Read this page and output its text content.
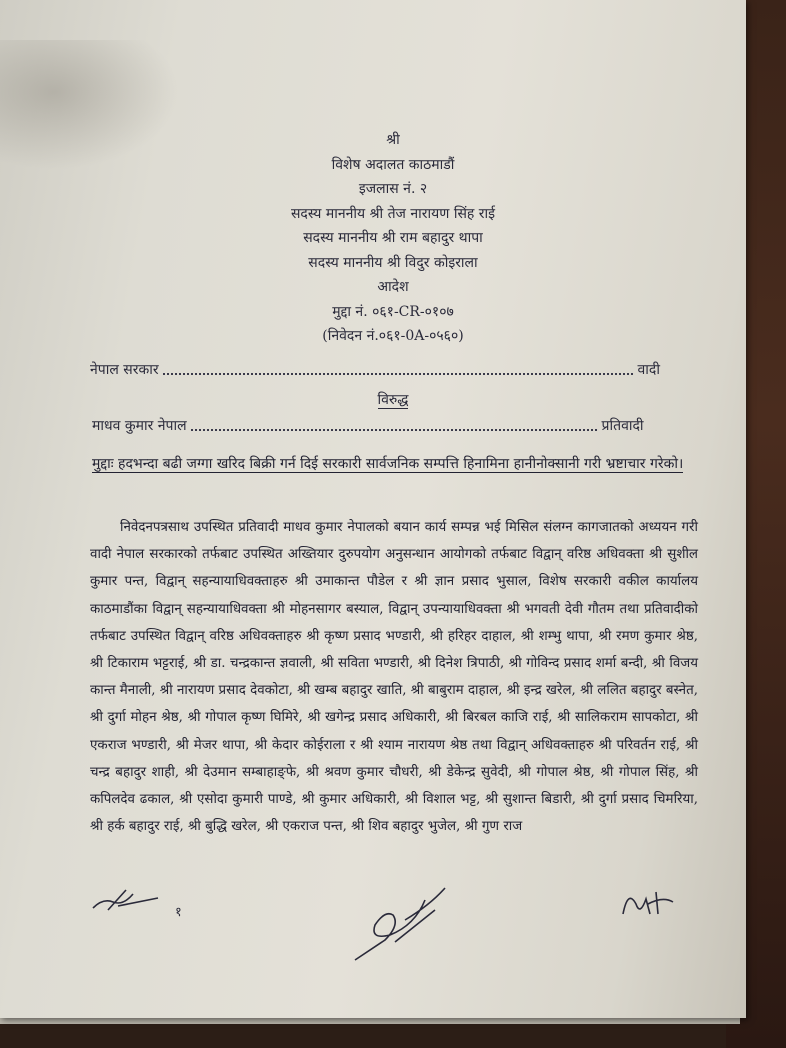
श्री
विशेष अदालत काठमाडौं
इजलास नं. २
सदस्य माननीय श्री तेज नारायण सिंह राई
सदस्य माननीय श्री राम बहादुर थापा
सदस्य माननीय श्री विदुर कोइराला
आदेश
मुद्दा नं. ०६१-CR-०१०७
(निवेदन नं.०६१-0A-०५६०)
नेपाल सरकार	वादी
विरुद्ध
माधव कुमार नेपाल	प्रतिवादी
मुद्दाः हदभन्दा बढी जग्गा खरिद बिक्री गर्न दिई सरकारी सार्वजनिक सम्पत्ति हिनामिना हानीनोक्सानी गरी भ्रष्टाचार गरेको।
निवेदनपत्रसाथ उपस्थित प्रतिवादी माधव कुमार नेपालको बयान कार्य सम्पन्न भई मिसिल संलग्न कागजातको अध्ययन गरी वादी नेपाल सरकारको तर्फबाट उपस्थित अख्तियार दुरुपयोग अनुसन्धान आयोगको तर्फबाट विद्वान् वरिष्ठ अधिवक्ता श्री सुशील कुमार पन्त, विद्वान् सहन्यायाधिवक्ताहरु श्री उमाकान्त पौडेल र श्री ज्ञान प्रसाद भुसाल, विशेष सरकारी वकील कार्यालय काठमाडौंका विद्वान् सहन्यायाधिवक्ता श्री मोहनसागर बस्याल, विद्वान् उपन्यायाधिवक्ता श्री भगवती देवी गौतम तथा प्रतिवादीको तर्फबाट उपस्थित विद्वान् वरिष्ठ अधिवक्ताहरु श्री कृष्ण प्रसाद भण्डारी, श्री हरिहर दाहाल, श्री शम्भु थापा, श्री रमण कुमार श्रेष्ठ, श्री टिकाराम भट्टराई, श्री डा. चन्द्रकान्त ज्ञवाली, श्री सविता भण्डारी, श्री दिनेश त्रिपाठी, श्री गोविन्द प्रसाद शर्मा बन्दी, श्री विजय कान्त मैनाली, श्री नारायण प्रसाद देवकोटा, श्री खम्ब बहादुर खाति, श्री बाबुराम दाहाल, श्री इन्द्र खरेल, श्री ललित बहादुर बस्नेत, श्री दुर्गा मोहन श्रेष्ठ, श्री गोपाल कृष्ण घिमिरे, श्री खगेन्द्र प्रसाद अधिकारी, श्री बिरबल काजि राई, श्री सालिकराम सापकोटा, श्री एकराज भण्डारी, श्री मेजर थापा, श्री केदार कोईराला र श्री श्याम नारायण श्रेष्ठ तथा विद्वान् अधिवक्ताहरु श्री परिवर्तन राई, श्री चन्द्र बहादुर शाही, श्री देउमान सम्बाहाङ्फे, श्री श्रवण कुमार चौधरी, श्री डेकेन्द्र सुवेदी, श्री गोपाल श्रेष्ठ, श्री गोपाल सिंह, श्री कपिलदेव ढकाल, श्री एसोदा कुमारी पाण्डे, श्री कुमार अधिकारी, श्री विशाल भट्ट, श्री सुशान्त बिडारी, श्री दुर्गा प्रसाद चिमरिया, श्री हर्क बहादुर राई, श्री बुद्धि खरेल, श्री एकराज पन्त, श्री शिव बहादुर भुजेल, श्री गुण राज
१
